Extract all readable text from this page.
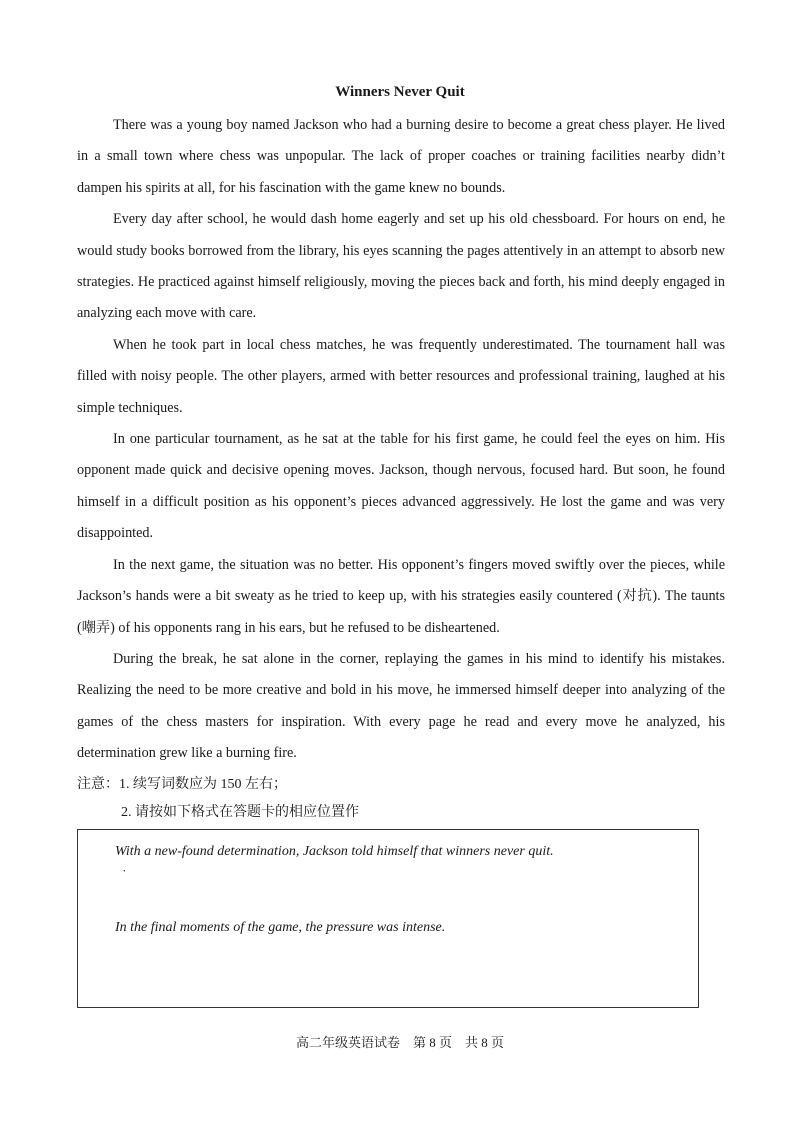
Winners Never Quit

There was a young boy named Jackson who had a burning desire to become a great chess player. He lived in a small town where chess was unpopular. The lack of proper coaches or training facilities nearby didn’t dampen his spirits at all, for his fascination with the game knew no bounds.

Every day after school, he would dash home eagerly and set up his old chessboard. For hours on end, he would study books borrowed from the library, his eyes scanning the pages attentively in an attempt to absorb new strategies. He practiced against himself religiously, moving the pieces back and forth, his mind deeply engaged in analyzing each move with care.

When he took part in local chess matches, he was frequently underestimated. The tournament hall was filled with noisy people. The other players, armed with better resources and professional training, laughed at his simple techniques.

In one particular tournament, as he sat at the table for his first game, he could feel the eyes on him. His opponent made quick and decisive opening moves. Jackson, though nervous, focused hard. But soon, he found himself in a difficult position as his opponent’s pieces advanced aggressively. He lost the game and was very disappointed.

In the next game, the situation was no better. His opponent’s fingers moved swiftly over the pieces, while Jackson’s hands were a bit sweaty as he tried to keep up, with his strategies easily countered (对抗). The taunts (嘲弄) of his opponents rang in his ears, but he refused to be disheartened.

During the break, he sat alone in the corner, replaying the games in his mind to identify his mistakes. Realizing the need to be more creative and bold in his move, he immersed himself deeper into analyzing of the games of the chess masters for inspiration. With every page he read and every move he analyzed, his determination grew like a burning fire.

注意：1. 续写词数应为 150 左右；

2. 请按如下格式在答题卡的相应位置作

With a new-found determination, Jackson told himself that winners never quit.
˙
In the final moments of the game, the pressure was intense.
高二年级英语试卷　第 8 页　共 8 页
